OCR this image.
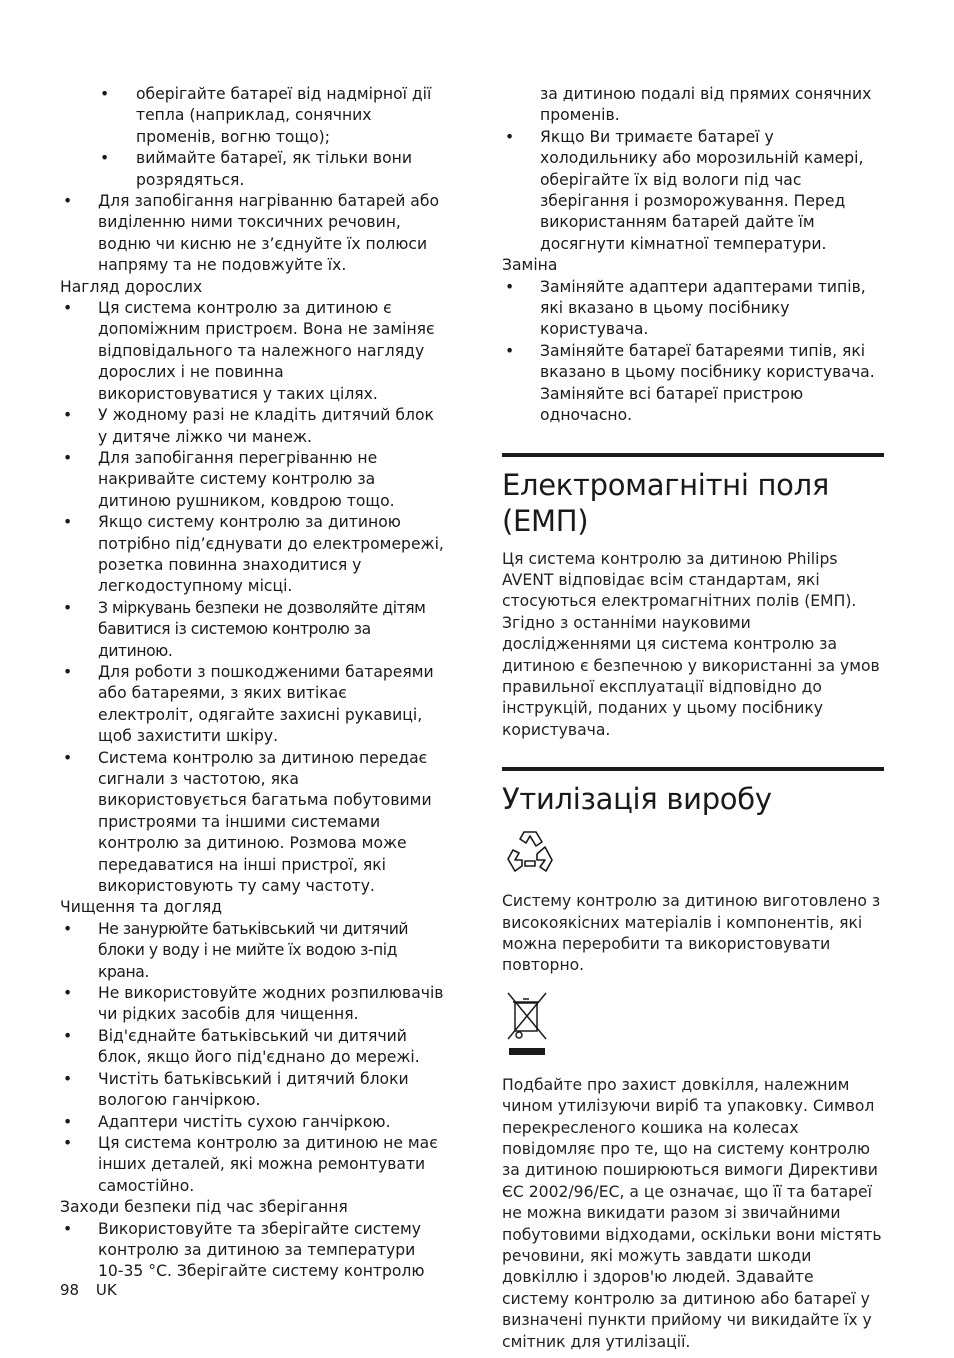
• оберігайте батареї від надмірної дії тепла (наприклад, сонячних променів, вогню тощо);
• виймайте батареї, як тільки вони розрядяться.
• Для запобігання нагріванню батарей або виділенню ними токсичних речовин, водню чи кисню не з’єднуйте їх полюси напряму та не подовжуйте їх.

Нагляд дорослих

• Ця система контролю за дитиною є допоміжним пристроєм. Вона не заміняє відповідального та належного нагляду дорослих і не повинна використовуватися у таких цілях.
• У жодному разі не кладіть дитячий блок у дитяче ліжко чи манеж.
• Для запобігання перегріванню не накривайте систему контролю за дитиною рушником, ковдрою тощо.
• Якщо систему контролю за дитиною потрібно під’єднувати до електромережі, розетка повинна знаходитися у легкодоступному місці.
• З міркувань безпеки не дозволяйте дітям бавитися із системою контролю за дитиною.
• Для роботи з пошкодженими батареями або батареями, з яких витікає електроліт, одягайте захисні рукавиці, щоб захистити шкіру.
• Система контролю за дитиною передає сигнали з частотою, яка використовується багатьма побутовими пристроями та іншими системами контролю за дитиною. Розмова може передаватися на інші пристрої, які використовують ту саму частоту.

Чищення та догляд

• Не занурюйте батьківський чи дитячий блоки у воду і не мийте їх водою з-під крана.
• Не використовуйте жодних розпилювачів чи рідких засобів для чищення.
• Від'єднайте батьківський чи дитячий блок, якщо його під'єднано до мережі.
• Чистіть батьківський і дитячий блоки вологою ганчіркою.
• Адаптери чистіть сухою ганчіркою.
• Ця система контролю за дитиною не має інших деталей, які можна ремонтувати самостійно.

Заходи безпеки під час зберігання

• Використовуйте та зберігайте систему контролю за дитиною за температури 10-35 °C. Зберігайте систему контролю

за дитиною подалі від прямих сонячних променів.

• Якщо Ви тримаєте батареї у холодильнику або морозильній камері, оберігайте їх від вологи під час зберігання і розморожування. Перед використанням батарей дайте їм досягнути кімнатної температури.

Заміна

• Заміняйте адаптери адаптерами типів, які вказано в цьому посібнику користувача.
• Заміняйте батареї батареями типів, які вказано в цьому посібнику користувача. Заміняйте всі батареї пристрою одночасно.
Електромагнітні поля (ЕМП)

Ця система контролю за дитиною Philips AVENT відповідає всім стандартам, які стосуються електромагнітних полів (ЕМП). Згідно з останніми науковими дослідженнями ця система контролю за дитиною є безпечною у використанні за умов правильної експлуатації відповідно до інструкцій, поданих у цьому посібнику користувача.

Утилізація виробу

Систему контролю за дитиною виготовлено з високоякісних матеріалів і компонентів, які можна переробити та використовувати повторно.

Подбайте про захист довкілля, належним чином утилізуючи виріб та упаковку. Символ перекресленого кошика на колесах повідомляє про те, що на систему контролю за дитиною поширюються вимоги Директиви ЄС 2002/96/ЕС, а це означає, що її та батареї не можна викидати разом зі звичайними побутовими відходами, оскільки вони містять речовини, які можуть завдати шкоди довкіллю і здоров'ю людей. Здавайте систему контролю за дитиною або батареї у визначені пункти прийому чи викидайте їх у смітник для утилізації.

98 UK
